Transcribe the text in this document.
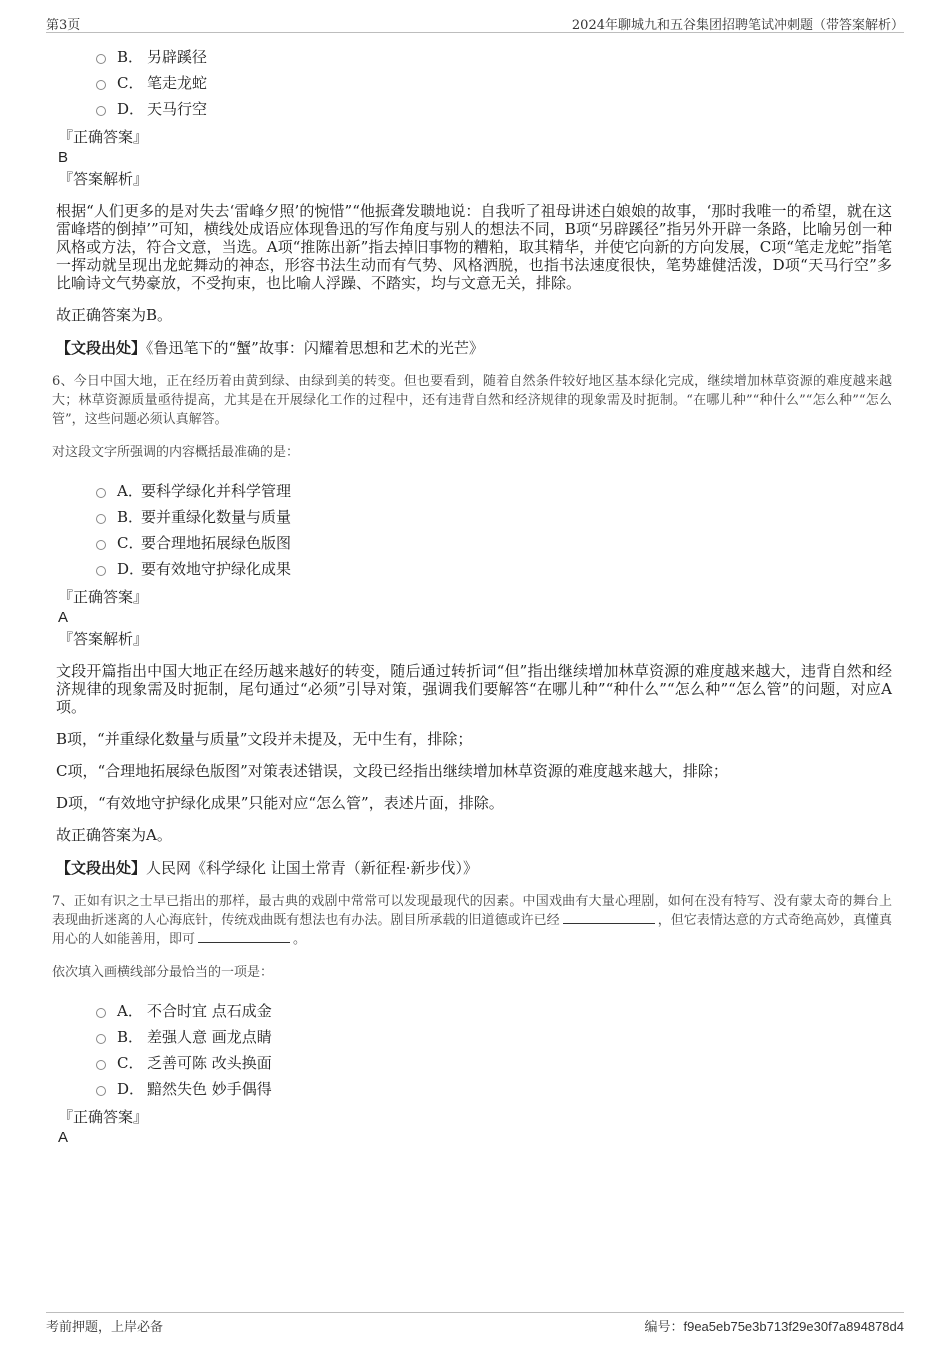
第3页	2024年聊城九和五谷集团招聘笔试冲刺题（带答案解析）
B． 另辟蹊径
C． 笔走龙蛇
D． 天马行空
『正确答案』
B
『答案解析』
根据“人们更多的是对失去‘雷峰夕照’的惋惜”“他振聋发聩地说：自我听了祖母讲述白娘娘的故事，‘那时我唯一的希望，就在这雷峰塔的倒掉’”可知，横线处成语应体现鲁迅的写作角度与别人的想法不同，B项“另辟蹊径”指另外开辟一条路，比喻另创一种风格或方法，符合文意，当选。A项“推陈出新”指去掉旧事物的糟粕，取其精华，并使它向新的方向发展，C项“笔走龙蛇”指笔一挥动就呈现出龙蛇舞动的神态，形容书法生动而有气势、风格洒脱，也指书法速度很快，笔势雄健活泼，D项“天马行空”多比喻诗文气势豪放，不受拘束，也比喻人浮躁、不踏实，均与文意无关，排除。
故正确答案为B。
【文段出处】《鲁迅笔下的“蟹”故事：闪耀着思想和艺术的光芒》
6、今日中国大地，正在经历着由黄到绿、由绿到美的转变。但也要看到，随着自然条件较好地区基本绿化完成，继续增加林草资源的难度越来越大；林草资源质量亟待提高，尤其是在开展绿化工作的过程中，还有违背自然和经济规律的现象需及时扼制。“在哪儿种”“种什么”“怎么种”“怎么管”，这些问题必须认真解答。
对这段文字所强调的内容概括最准确的是：
A．
要科学绿化并科学管理
B．
要并重绿化数量与质量
C．
要合理地拓展绿色版图
D．
要有效地守护绿化成果
『正确答案』
A
『答案解析』
文段开篇指出中国大地正在经历越来越好的转变，随后通过转折词“但”指出继续增加林草资源的难度越来越大，违背自然和经济规律的现象需及时扼制，尾句通过“必须”引导对策，强调我们要解答“在哪儿种”“种什么”“怎么种”“怎么管”的问题，对应A项。
B项，“并重绿化数量与质量”文段并未提及，无中生有，排除；
C项，“合理地拓展绿色版图”对策表述错误，文段已经指出继续增加林草资源的难度越来越大，排除；
D项，“有效地守护绿化成果”只能对应“怎么管”，表述片面，排除。
故正确答案为A。
【文段出处】人民网《科学绿化 让国土常青（新征程·新步伐）》
7、正如有识之士早已指出的那样，最古典的戏剧中常常可以发现最现代的因素。中国戏曲有大量心理剧，如何在没有特写、没有蒙太奇的舞台上表现曲折迷离的人心海底针，传统戏曲既有想法也有办法。剧目所承载的旧道德或许已经	，但它表情达意的方式奇绝高妙，真懂真用心的人如能善用，即可	。
依次填入画横线部分最恰当的一项是：
A． 不合时宜 点石成金
B． 差强人意 画龙点睛
C． 乏善可陈 改头换面
D． 黯然失色 妙手偶得
『正确答案』
A
考前押题，上岸必备	编号：f9ea5eb75e3b713f29e30f7a894878d4
